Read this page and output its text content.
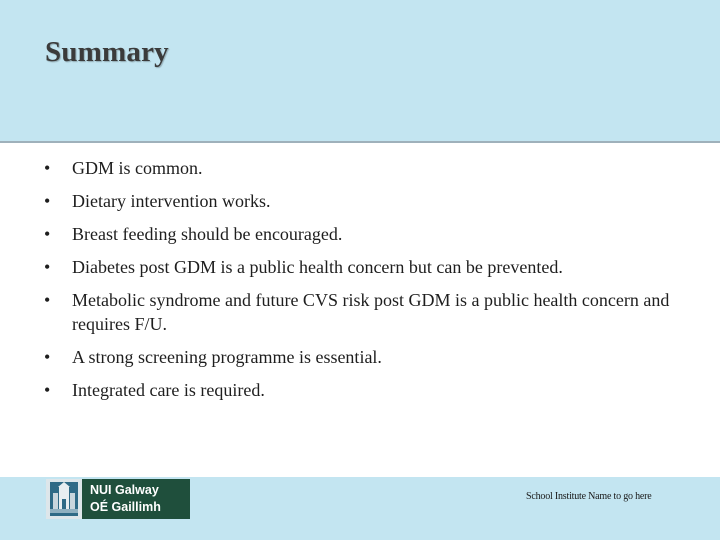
Summary
•	GDM is common.
•	Dietary intervention works.
•	Breast feeding should be encouraged.
•	Diabetes post GDM is a public health concern but can be prevented.
•	Metabolic syndrome and future CVS risk post GDM is a public health concern and requires F/U.
•	A strong screening programme is essential.
•	Integrated care is required.
NUI Galway
OÉ Gaillimh
School Institute Name to go here
